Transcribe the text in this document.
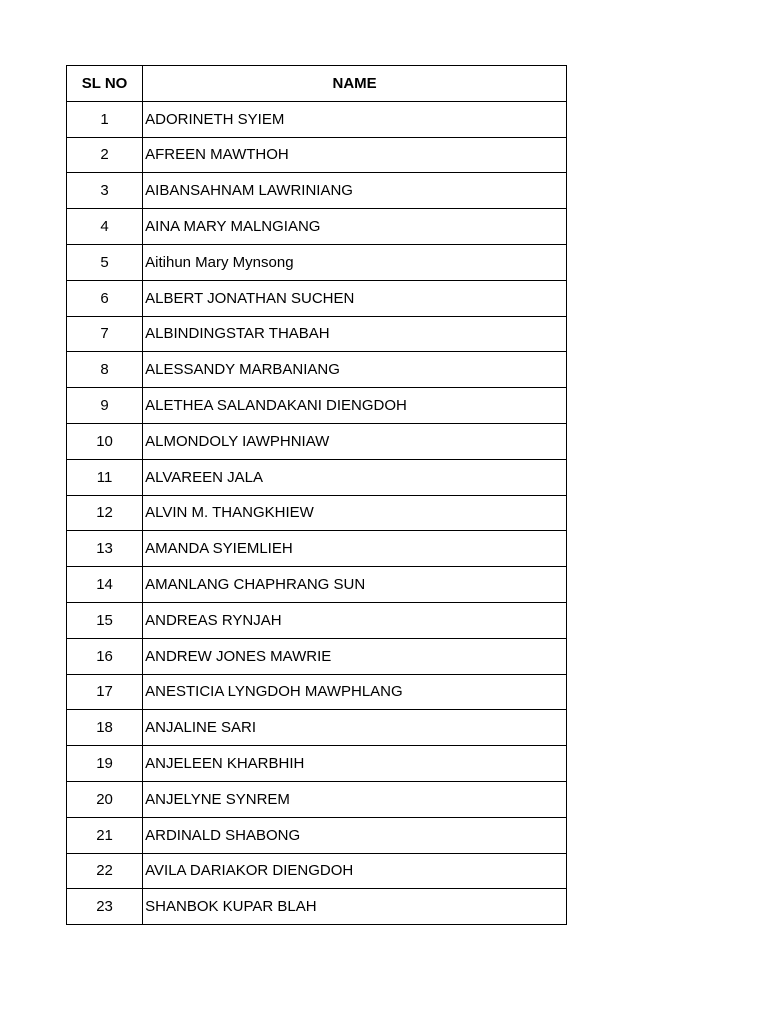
SL NO	NAME
1	ADORINETH SYIEM
2	AFREEN MAWTHOH
3	AIBANSAHNAM LAWRINIANG
4	AINA MARY MALNGIANG
5	Aitihun Mary Mynsong
6	ALBERT JONATHAN SUCHEN
7	ALBINDINGSTAR THABAH
8	ALESSANDY MARBANIANG
9	ALETHEA SALANDAKANI DIENGDOH
10	ALMONDOLY IAWPHNIAW
11	ALVAREEN JALA
12	ALVIN M. THANGKHIEW
13	AMANDA SYIEMLIEH
14	AMANLANG CHAPHRANG SUN
15	ANDREAS RYNJAH
16	ANDREW JONES MAWRIE
17	ANESTICIA LYNGDOH MAWPHLANG
18	ANJALINE SARI
19	ANJELEEN KHARBHIH
20	ANJELYNE SYNREM
21	ARDINALD SHABONG
22	AVILA DARIAKOR DIENGDOH
23	SHANBOK KUPAR BLAH
